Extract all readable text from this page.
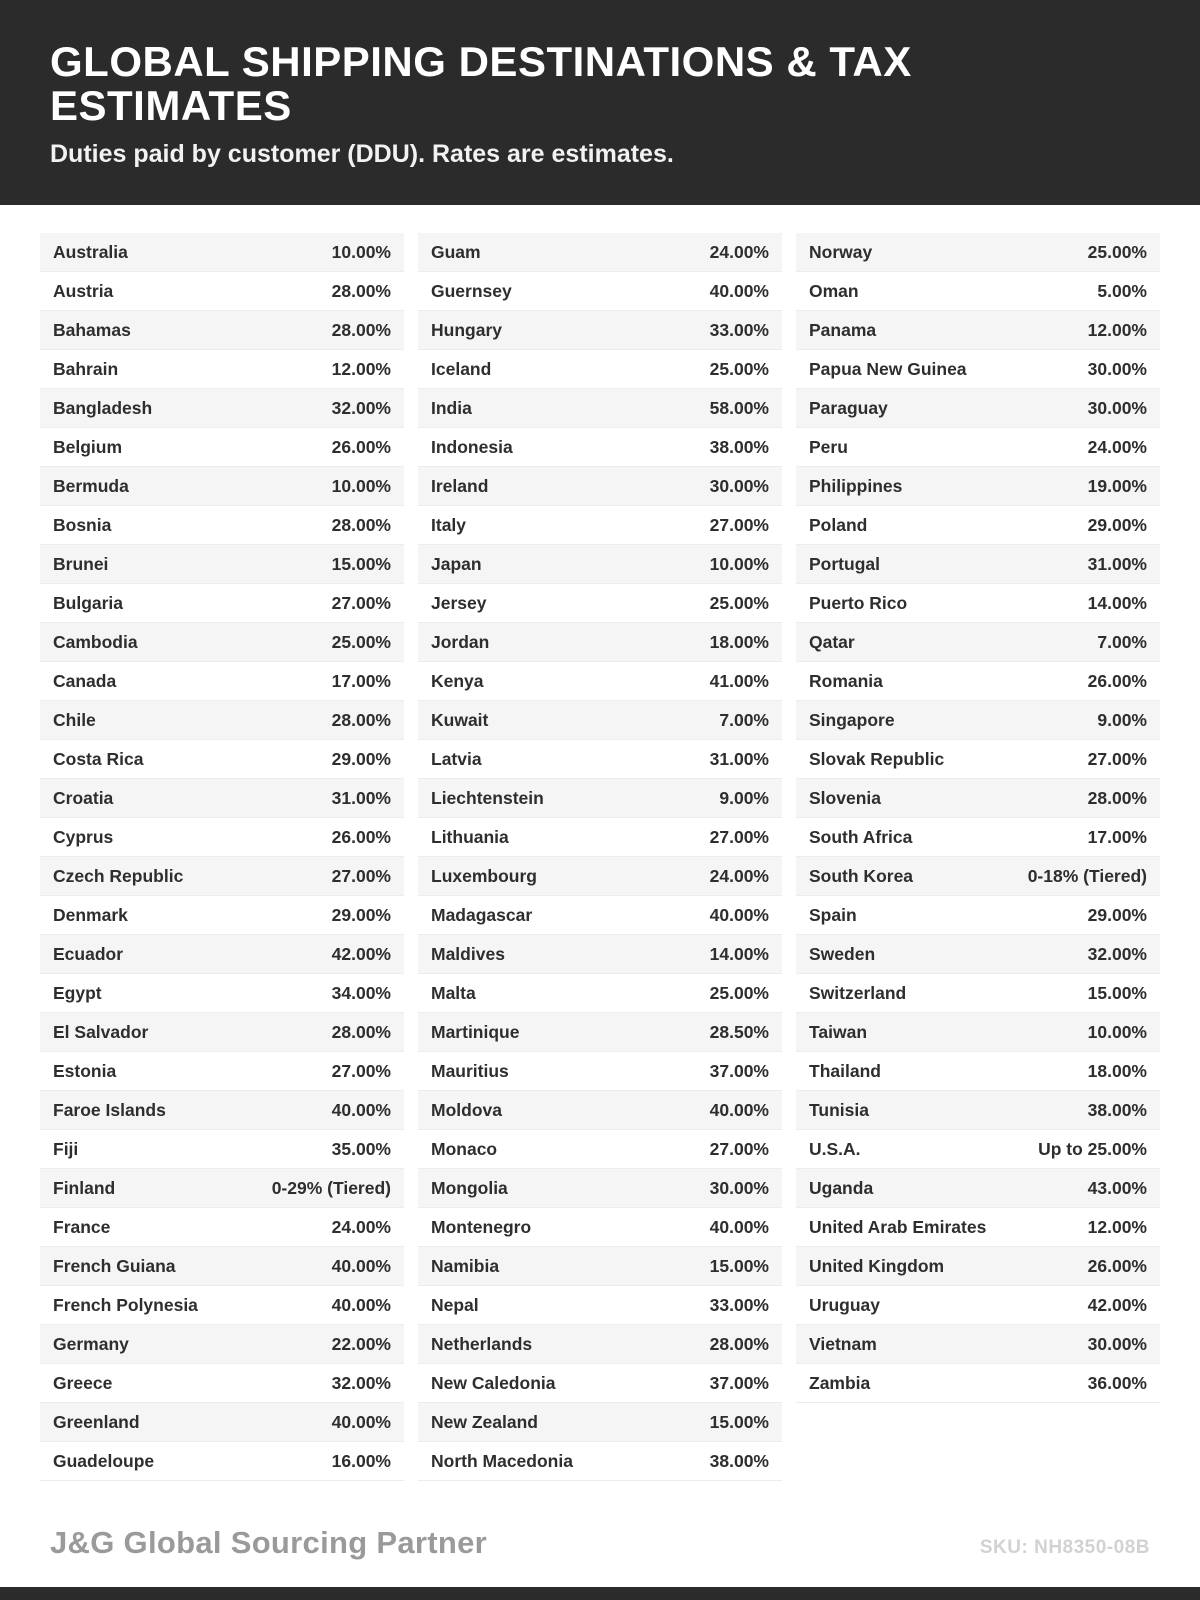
GLOBAL SHIPPING DESTINATIONS & TAX ESTIMATES
Duties paid by customer (DDU). Rates are estimates.
Australia	10.00%
Austria	28.00%
Bahamas	28.00%
Bahrain	12.00%
Bangladesh	32.00%
Belgium	26.00%
Bermuda	10.00%
Bosnia	28.00%
Brunei	15.00%
Bulgaria	27.00%
Cambodia	25.00%
Canada	17.00%
Chile	28.00%
Costa Rica	29.00%
Croatia	31.00%
Cyprus	26.00%
Czech Republic	27.00%
Denmark	29.00%
Ecuador	42.00%
Egypt	34.00%
El Salvador	28.00%
Estonia	27.00%
Faroe Islands	40.00%
Fiji	35.00%
Finland	0-29% (Tiered)
France	24.00%
French Guiana	40.00%
French Polynesia	40.00%
Germany	22.00%
Greece	32.00%
Greenland	40.00%
Guadeloupe	16.00%
Guam	24.00%
Guernsey	40.00%
Hungary	33.00%
Iceland	25.00%
India	58.00%
Indonesia	38.00%
Ireland	30.00%
Italy	27.00%
Japan	10.00%
Jersey	25.00%
Jordan	18.00%
Kenya	41.00%
Kuwait	7.00%
Latvia	31.00%
Liechtenstein	9.00%
Lithuania	27.00%
Luxembourg	24.00%
Madagascar	40.00%
Maldives	14.00%
Malta	25.00%
Martinique	28.50%
Mauritius	37.00%
Moldova	40.00%
Monaco	27.00%
Mongolia	30.00%
Montenegro	40.00%
Namibia	15.00%
Nepal	33.00%
Netherlands	28.00%
New Caledonia	37.00%
New Zealand	15.00%
North Macedonia	38.00%
Norway	25.00%
Oman	5.00%
Panama	12.00%
Papua New Guinea	30.00%
Paraguay	30.00%
Peru	24.00%
Philippines	19.00%
Poland	29.00%
Portugal	31.00%
Puerto Rico	14.00%
Qatar	7.00%
Romania	26.00%
Singapore	9.00%
Slovak Republic	27.00%
Slovenia	28.00%
South Africa	17.00%
South Korea	0-18% (Tiered)
Spain	29.00%
Sweden	32.00%
Switzerland	15.00%
Taiwan	10.00%
Thailand	18.00%
Tunisia	38.00%
U.S.A.	Up to 25.00%
Uganda	43.00%
United Arab Emirates	12.00%
United Kingdom	26.00%
Uruguay	42.00%
Vietnam	30.00%
Zambia	36.00%
J&G Global Sourcing Partner	SKU: NH8350-08B
